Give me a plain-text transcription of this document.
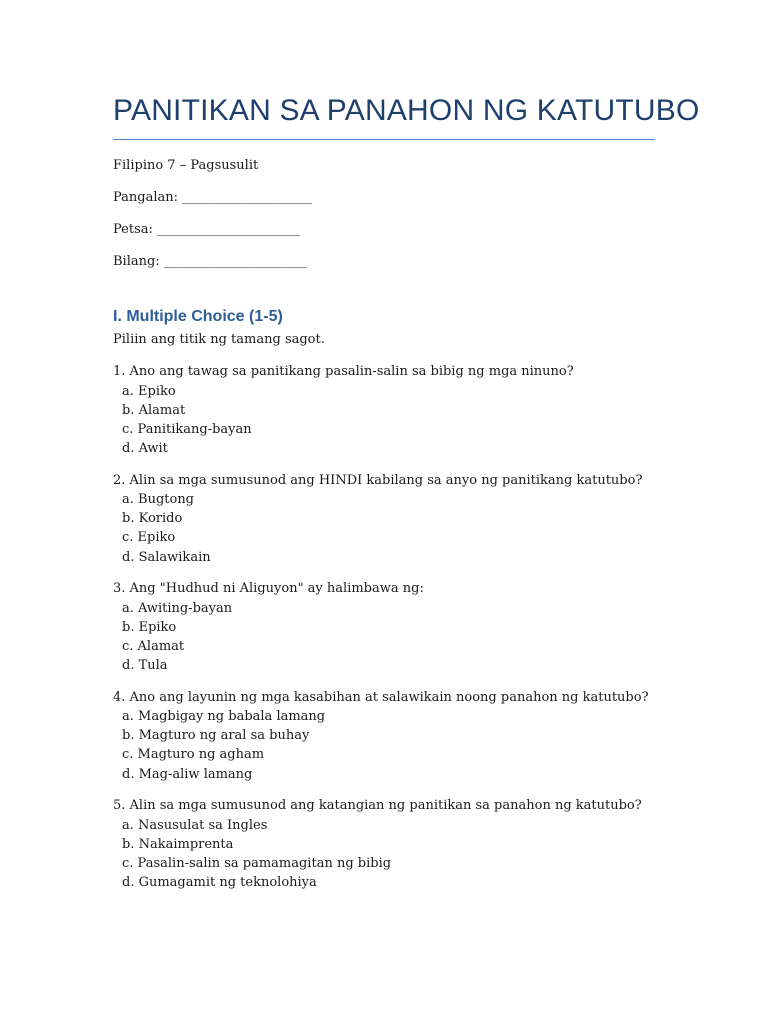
PANITIKAN SA PANAHON NG KATUTUBO
Filipino 7 – Pagsusulit
Pangalan: ____________________
Petsa: ______________________
Bilang: ______________________
I. Multiple Choice (1-5)
Piliin ang titik ng tamang sagot.
1. Ano ang tawag sa panitikang pasalin-salin sa bibig ng mga ninuno?
a. Epiko
b. Alamat
c. Panitikang-bayan
d. Awit
2. Alin sa mga sumusunod ang HINDI kabilang sa anyo ng panitikang katutubo?
a. Bugtong
b. Korido
c. Epiko
d. Salawikain
3. Ang "Hudhud ni Aliguyon" ay halimbawa ng:
a. Awiting-bayan
b. Epiko
c. Alamat
d. Tula
4. Ano ang layunin ng mga kasabihan at salawikain noong panahon ng katutubo?
a. Magbigay ng babala lamang
b. Magturo ng aral sa buhay
c. Magturo ng agham
d. Mag-aliw lamang
5. Alin sa mga sumusunod ang katangian ng panitikan sa panahon ng katutubo?
a. Nasusulat sa Ingles
b. Nakaimprenta
c. Pasalin-salin sa pamamagitan ng bibig
d. Gumagamit ng teknolohiya
